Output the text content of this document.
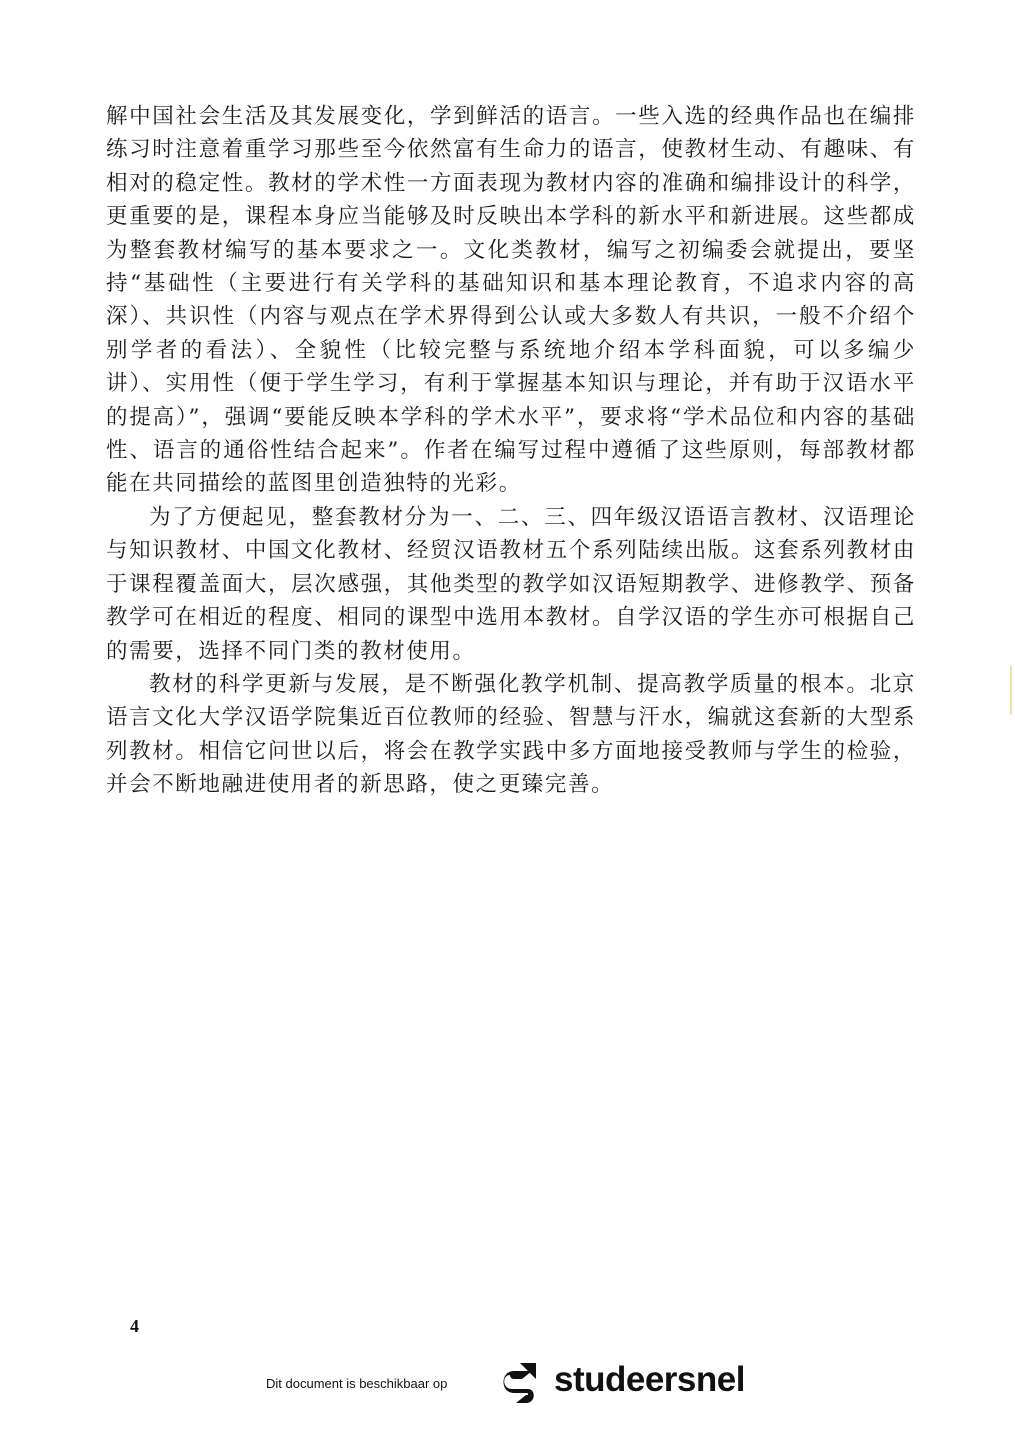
解中国社会生活及其发展变化，学到鲜活的语言。一些入选的经典作品也在编排练习时注意着重学习那些至今依然富有生命力的语言，使教材生动、有趣味、有相对的稳定性。教材的学术性一方面表现为教材内容的准确和编排设计的科学，更重要的是，课程本身应当能够及时反映出本学科的新水平和新进展。这些都成为整套教材编写的基本要求之一。文化类教材，编写之初编委会就提出，要坚持“基础性（主要进行有关学科的基础知识和基本理论教育，不追求内容的高深）、共识性（内容与观点在学术界得到公认或大多数人有共识，一般不介绍个别学者的看法）、全貌性（比较完整与系统地介绍本学科面貌，可以多编少讲）、实用性（便于学生学习，有利于掌握基本知识与理论，并有助于汉语水平的提高）”，强调“要能反映本学科的学术水平”，要求将“学术品位和内容的基础性、语言的通俗性结合起来”。作者在编写过程中遵循了这些原则，每部教材都能在共同描绘的蓝图里创造独特的光彩。

为了方便起见，整套教材分为一、二、三、四年级汉语语言教材、汉语理论与知识教材、中国文化教材、经贸汉语教材五个系列陆续出版。这套系列教材由于课程覆盖面大，层次感强，其他类型的教学如汉语短期教学、进修教学、预备教学可在相近的程度、相同的课型中选用本教材。自学汉语的学生亦可根据自己的需要，选择不同门类的教材使用。

教材的科学更新与发展，是不断强化教学机制、提高教学质量的根本。北京语言文化大学汉语学院集近百位教师的经验、智慧与汗水，编就这套新的大型系列教材。相信它问世以后，将会在教学实践中多方面地接受教师与学生的检验，并会不断地融进使用者的新思路，使之更臻完善。

4
Dit document is beschikbaar op	studeersnel
